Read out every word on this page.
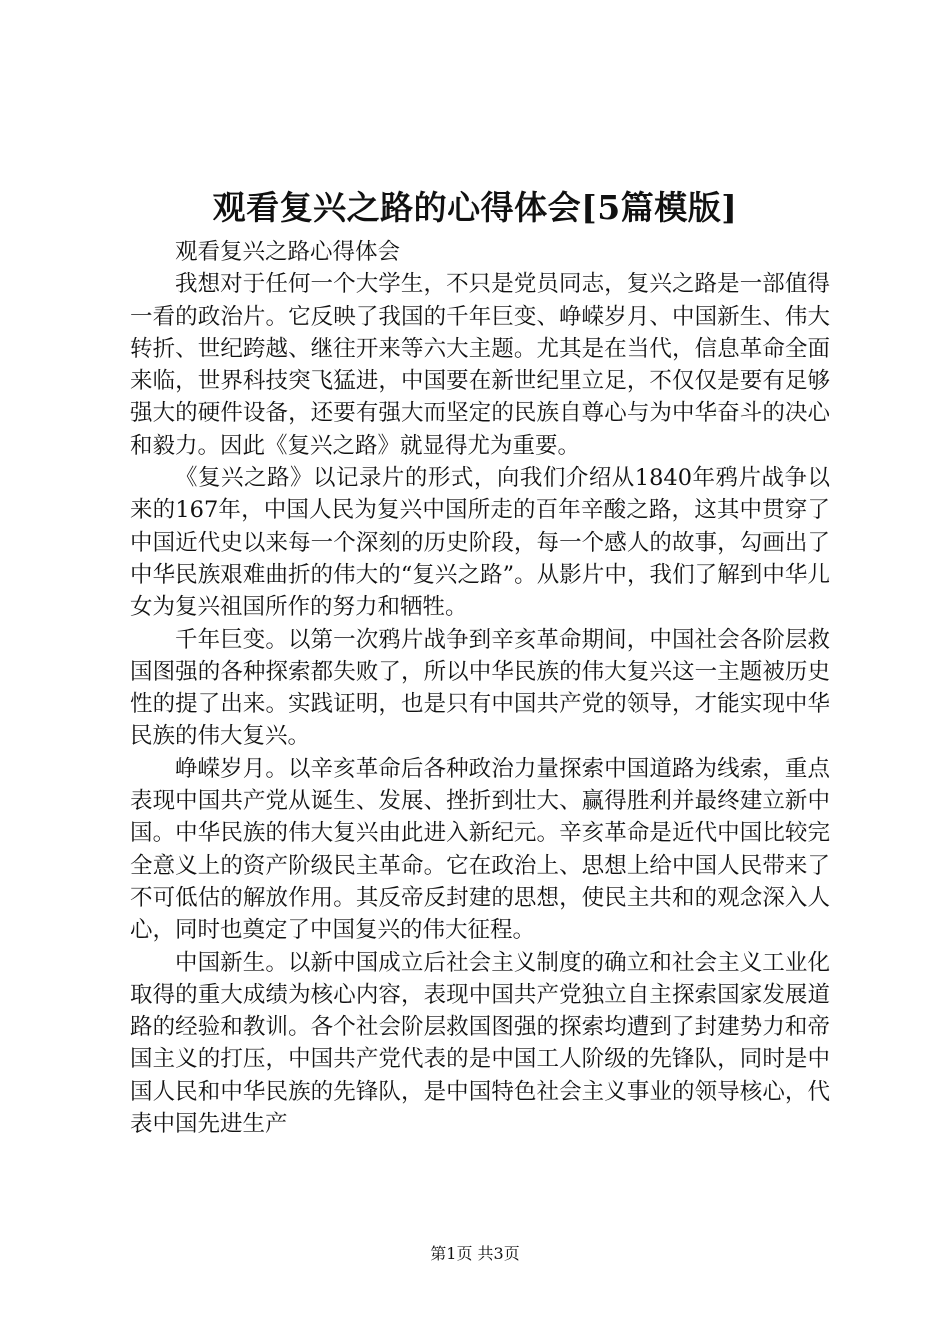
观看复兴之路的心得体会[5篇模版]

观看复兴之路心得体会

我想对于任何一个大学生，不只是党员同志，复兴之路是一部值得一看的政治片。它反映了我国的千年巨变、峥嵘岁月、中国新生、伟大转折、世纪跨越、继往开来等六大主题。尤其是在当代，信息革命全面来临，世界科技突飞猛进，中国要在新世纪里立足，不仅仅是要有足够强大的硬件设备，还要有强大而坚定的民族自尊心与为中华奋斗的决心和毅力。因此《复兴之路》就显得尤为重要。

《复兴之路》以记录片的形式，向我们介绍从1840年鸦片战争以来的167年，中国人民为复兴中国所走的百年辛酸之路，这其中贯穿了中国近代史以来每一个深刻的历史阶段，每一个感人的故事，勾画出了中华民族艰难曲折的伟大的“复兴之路”。从影片中，我们了解到中华儿女为复兴祖国所作的努力和牺牲。

千年巨变。以第一次鸦片战争到辛亥革命期间，中国社会各阶层救国图强的各种探索都失败了，所以中华民族的伟大复兴这一主题被历史性的提了出来。实践证明，也是只有中国共产党的领导，才能实现中华民族的伟大复兴。

峥嵘岁月。以辛亥革命后各种政治力量探索中国道路为线索，重点表现中国共产党从诞生、发展、挫折到壮大、赢得胜利并最终建立新中国。中华民族的伟大复兴由此进入新纪元。辛亥革命是近代中国比较完全意义上的资产阶级民主革命。它在政治上、思想上给中国人民带来了不可低估的解放作用。其反帝反封建的思想，使民主共和的观念深入人心，同时也奠定了中国复兴的伟大征程。

中国新生。以新中国成立后社会主义制度的确立和社会主义工业化取得的重大成绩为核心内容，表现中国共产党独立自主探索国家发展道路的经验和教训。各个社会阶层救国图强的探索均遭到了封建势力和帝国主义的打压，中国共产党代表的是中国工人阶级的先锋队，同时是中国人民和中华民族的先锋队，是中国特色社会主义事业的领导核心，代表中国先进生产

第1页 共3页
